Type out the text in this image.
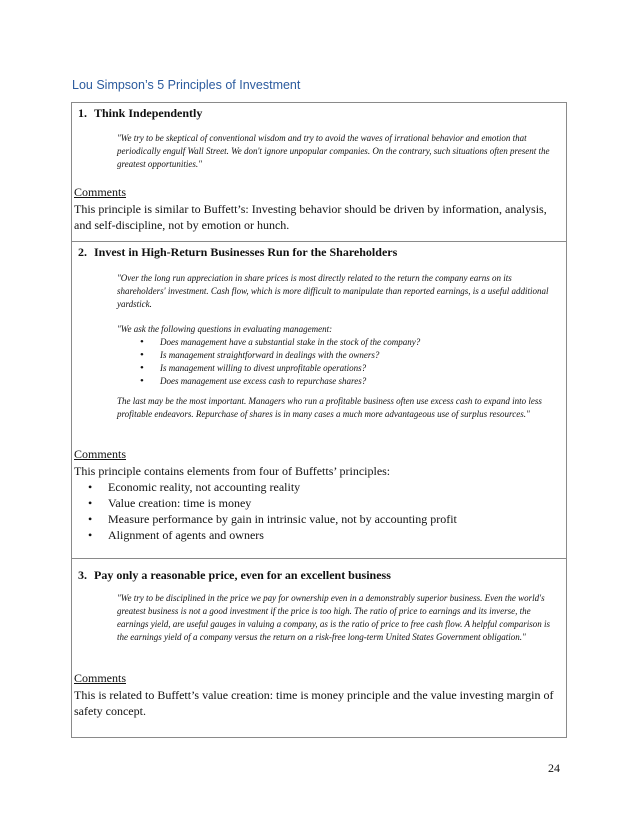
Lou Simpson’s 5 Principles of Investment
1. Think Independently

"We try to be skeptical of conventional wisdom and try to avoid the waves of irrational behavior and emotion that periodically engulf Wall Street. We don't ignore unpopular companies. On the contrary, such situations often present the greatest opportunities."

Comments

This principle is similar to Buffett’s: Investing behavior should be driven by information, analysis, and self-discipline, not by emotion or hunch.

2. Invest in High-Return Businesses Run for the Shareholders

"Over the long run appreciation in share prices is most directly related to the return the company earns on its shareholders' investment. Cash flow, which is more difficult to manipulate than reported earnings, is a useful additional yardstick.

"We ask the following questions in evaluating management:

• Does management have a substantial stake in the stock of the company?
• Is management straightforward in dealings with the owners?
• Is management willing to divest unprofitable operations?
• Does management use excess cash to repurchase shares?

The last may be the most important. Managers who run a profitable business often use excess cash to expand into less profitable endeavors. Repurchase of shares is in many cases a much more advantageous use of surplus resources."

Comments

This principle contains elements from four of Buffetts’ principles:

• Economic reality, not accounting reality
• Value creation: time is money
• Measure performance by gain in intrinsic value, not by accounting profit
• Alignment of agents and owners
3. Pay only a reasonable price, even for an excellent business

"We try to be disciplined in the price we pay for ownership even in a demonstrably superior business. Even the world's greatest business is not a good investment if the price is too high. The ratio of price to earnings and its inverse, the earnings yield, are useful gauges in valuing a company, as is the ratio of price to free cash flow. A helpful comparison is the earnings yield of a company versus the return on a risk-free long-term United States Government obligation."

Comments

This is related to Buffett’s value creation: time is money principle and the value investing margin of safety concept.

24
